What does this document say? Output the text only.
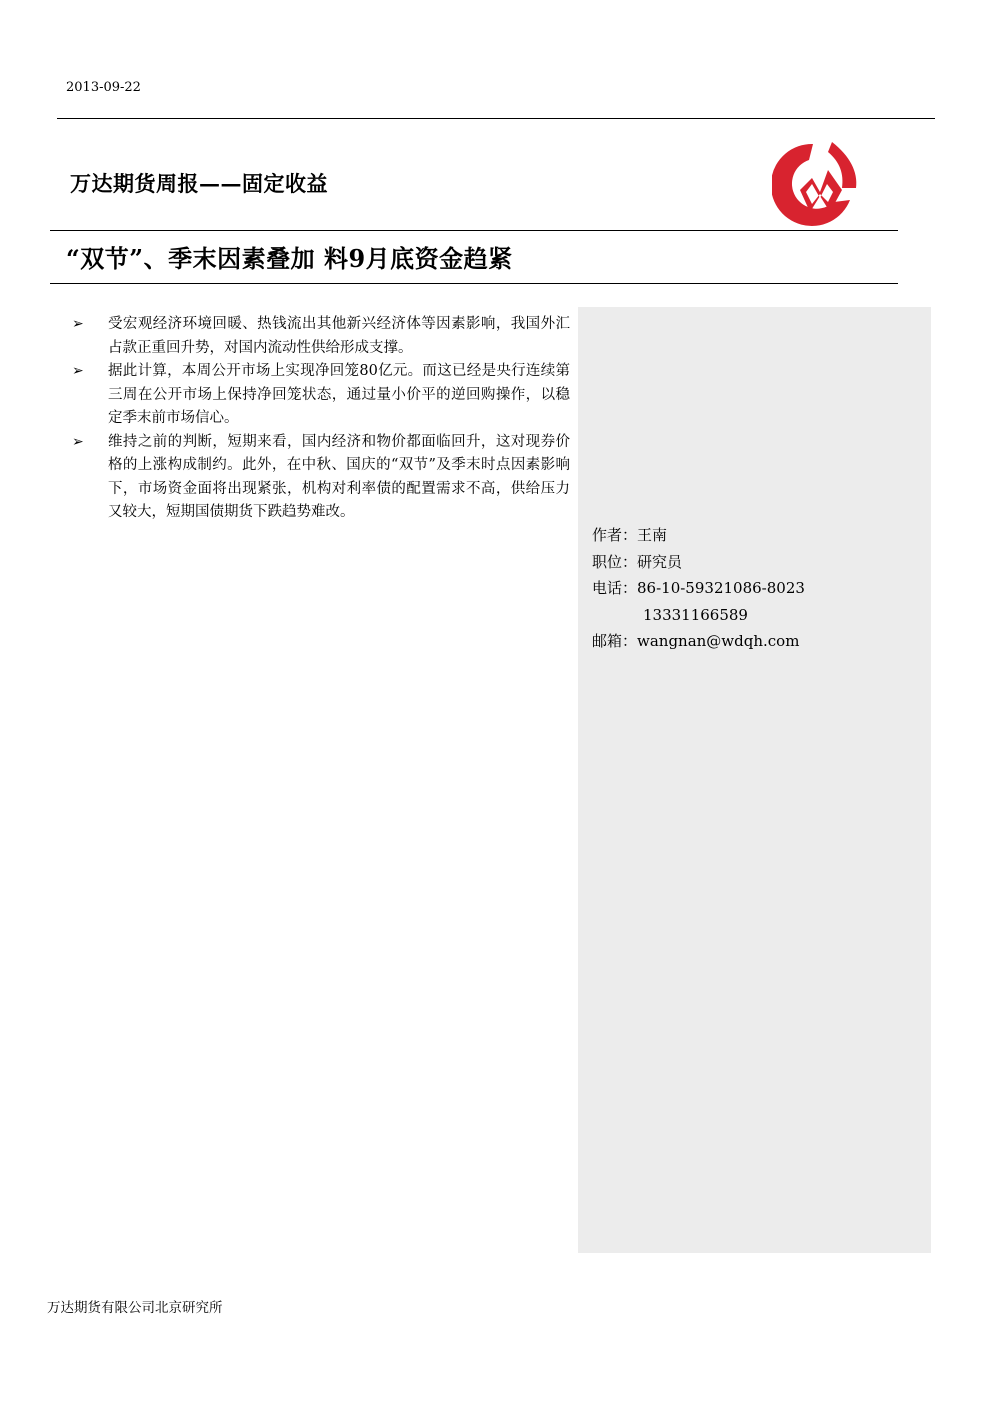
2013-09-22
万达期货周报——固定收益
“双节”、季末因素叠加 料9月底资金趋紧
➢ 受宏观经济环境回暖、热钱流出其他新兴经济体等因素影响，我国外汇占款正重回升势，对国内流动性供给形成支撑。
➢ 据此计算，本周公开市场上实现净回笼80亿元。而这已经是央行连续第三周在公开市场上保持净回笼状态，通过量小价平的逆回购操作，以稳定季末前市场信心。
➢ 维持之前的判断，短期来看，国内经济和物价都面临回升，这对现券价格的上涨构成制约。此外，在中秋、国庆的“双节”及季末时点因素影响下，市场资金面将出现紧张，机构对利率债的配置需求不高，供给压力又较大，短期国债期货下跌趋势难改。
作者：王南
职位：研究员
电话：86-10-59321086-8023
13331166589
邮箱：wangnan@wdqh.com
万达期货有限公司北京研究所
